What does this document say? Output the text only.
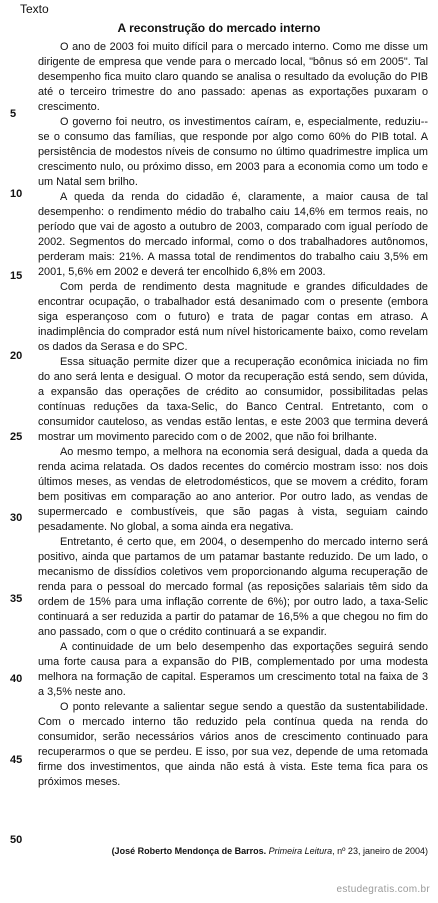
Texto
A reconstrução do mercado interno
5
10
15
20
25
30
35
40
45
50

O ano de 2003 foi muito difícil para o mercado interno. Como me disse um dirigente de empresa que vende para o mercado local, "bônus só em 2005". Tal desempenho fica muito claro quando se analisa o resultado da evolução do PIB até o terceiro trimestre do ano passado: apenas as exportações puxaram o crescimento.

O governo foi neutro, os investimentos caíram, e, especialmente, reduziu--se o consumo das famílias, que responde por algo como 60% do PIB total. A persistência de modestos níveis de consumo no último quadrimestre implica um crescimento nulo, ou próximo disso, em 2003 para a economia como um todo e um Natal sem brilho.

A queda da renda do cidadão é, claramente, a maior causa de tal desempenho: o rendimento médio do trabalho caiu 14,6% em termos reais, no período que vai de agosto a outubro de 2003, comparado com igual período de 2002. Segmentos do mercado informal, como o dos trabalhadores autônomos, perderam mais: 21%. A massa total de rendimentos do trabalho caiu 3,5% em 2001, 5,6% em 2002 e deverá ter encolhido 6,8% em 2003.

Com perda de rendimento desta magnitude e grandes dificuldades de encontrar ocupação, o trabalhador está desanimado com o presente (embora siga esperançoso com o futuro) e trata de pagar contas em atraso. A inadimplência do comprador está num nível historicamente baixo, como revelam os dados da Serasa e do SPC.

Essa situação permite dizer que a recuperação econômica iniciada no fim do ano será lenta e desigual. O motor da recuperação está sendo, sem dúvida, a expansão das operações de crédito ao consumidor, possibilitadas pelas contínuas reduções da taxa-Selic, do Banco Central. Entretanto, com o consumidor cauteloso, as vendas estão lentas, e este 2003 que termina deverá mostrar um movimento parecido com o de 2002, que não foi brilhante.

Ao mesmo tempo, a melhora na economia será desigual, dada a queda da renda acima relatada. Os dados recentes do comércio mostram isso: nos dois últimos meses, as vendas de eletrodomésticos, que se movem a crédito, foram bem positivas em comparação ao ano anterior. Por outro lado, as vendas de supermercado e combustíveis, que são pagas à vista, seguiam caindo pesadamente. No global, a soma ainda era negativa.

Entretanto, é certo que, em 2004, o desempenho do mercado interno será positivo, ainda que partamos de um patamar bastante reduzido. De um lado, o mecanismo de dissídios coletivos vem proporcionando alguma recuperação de renda para o pessoal do mercado formal (as reposições salariais têm sido da ordem de 15% para uma inflação corrente de 6%); por outro lado, a taxa-Selic continuará a ser reduzida a partir do patamar de 16,5% a que chegou no fim do ano passado, com o que o crédito continuará a se expandir.

A continuidade de um belo desempenho das exportações seguirá sendo uma forte causa para a expansão do PIB, complementado por uma modesta melhora na formação de capital. Esperamos um crescimento total na faixa de 3 a 3,5% neste ano.

O ponto relevante a salientar segue sendo a questão da sustentabilidade. Com o mercado interno tão reduzido pela contínua queda na renda do consumidor, serão necessários vários anos de crescimento continuado para recuperarmos o que se perdeu. E isso, por sua vez, depende de uma retomada firme dos investimentos, que ainda não está à vista. Este tema fica para os próximos meses.

(José Roberto Mendonça de Barros. Primeira Leitura, nº 23, janeiro de 2004)
estudegratis.com.br
